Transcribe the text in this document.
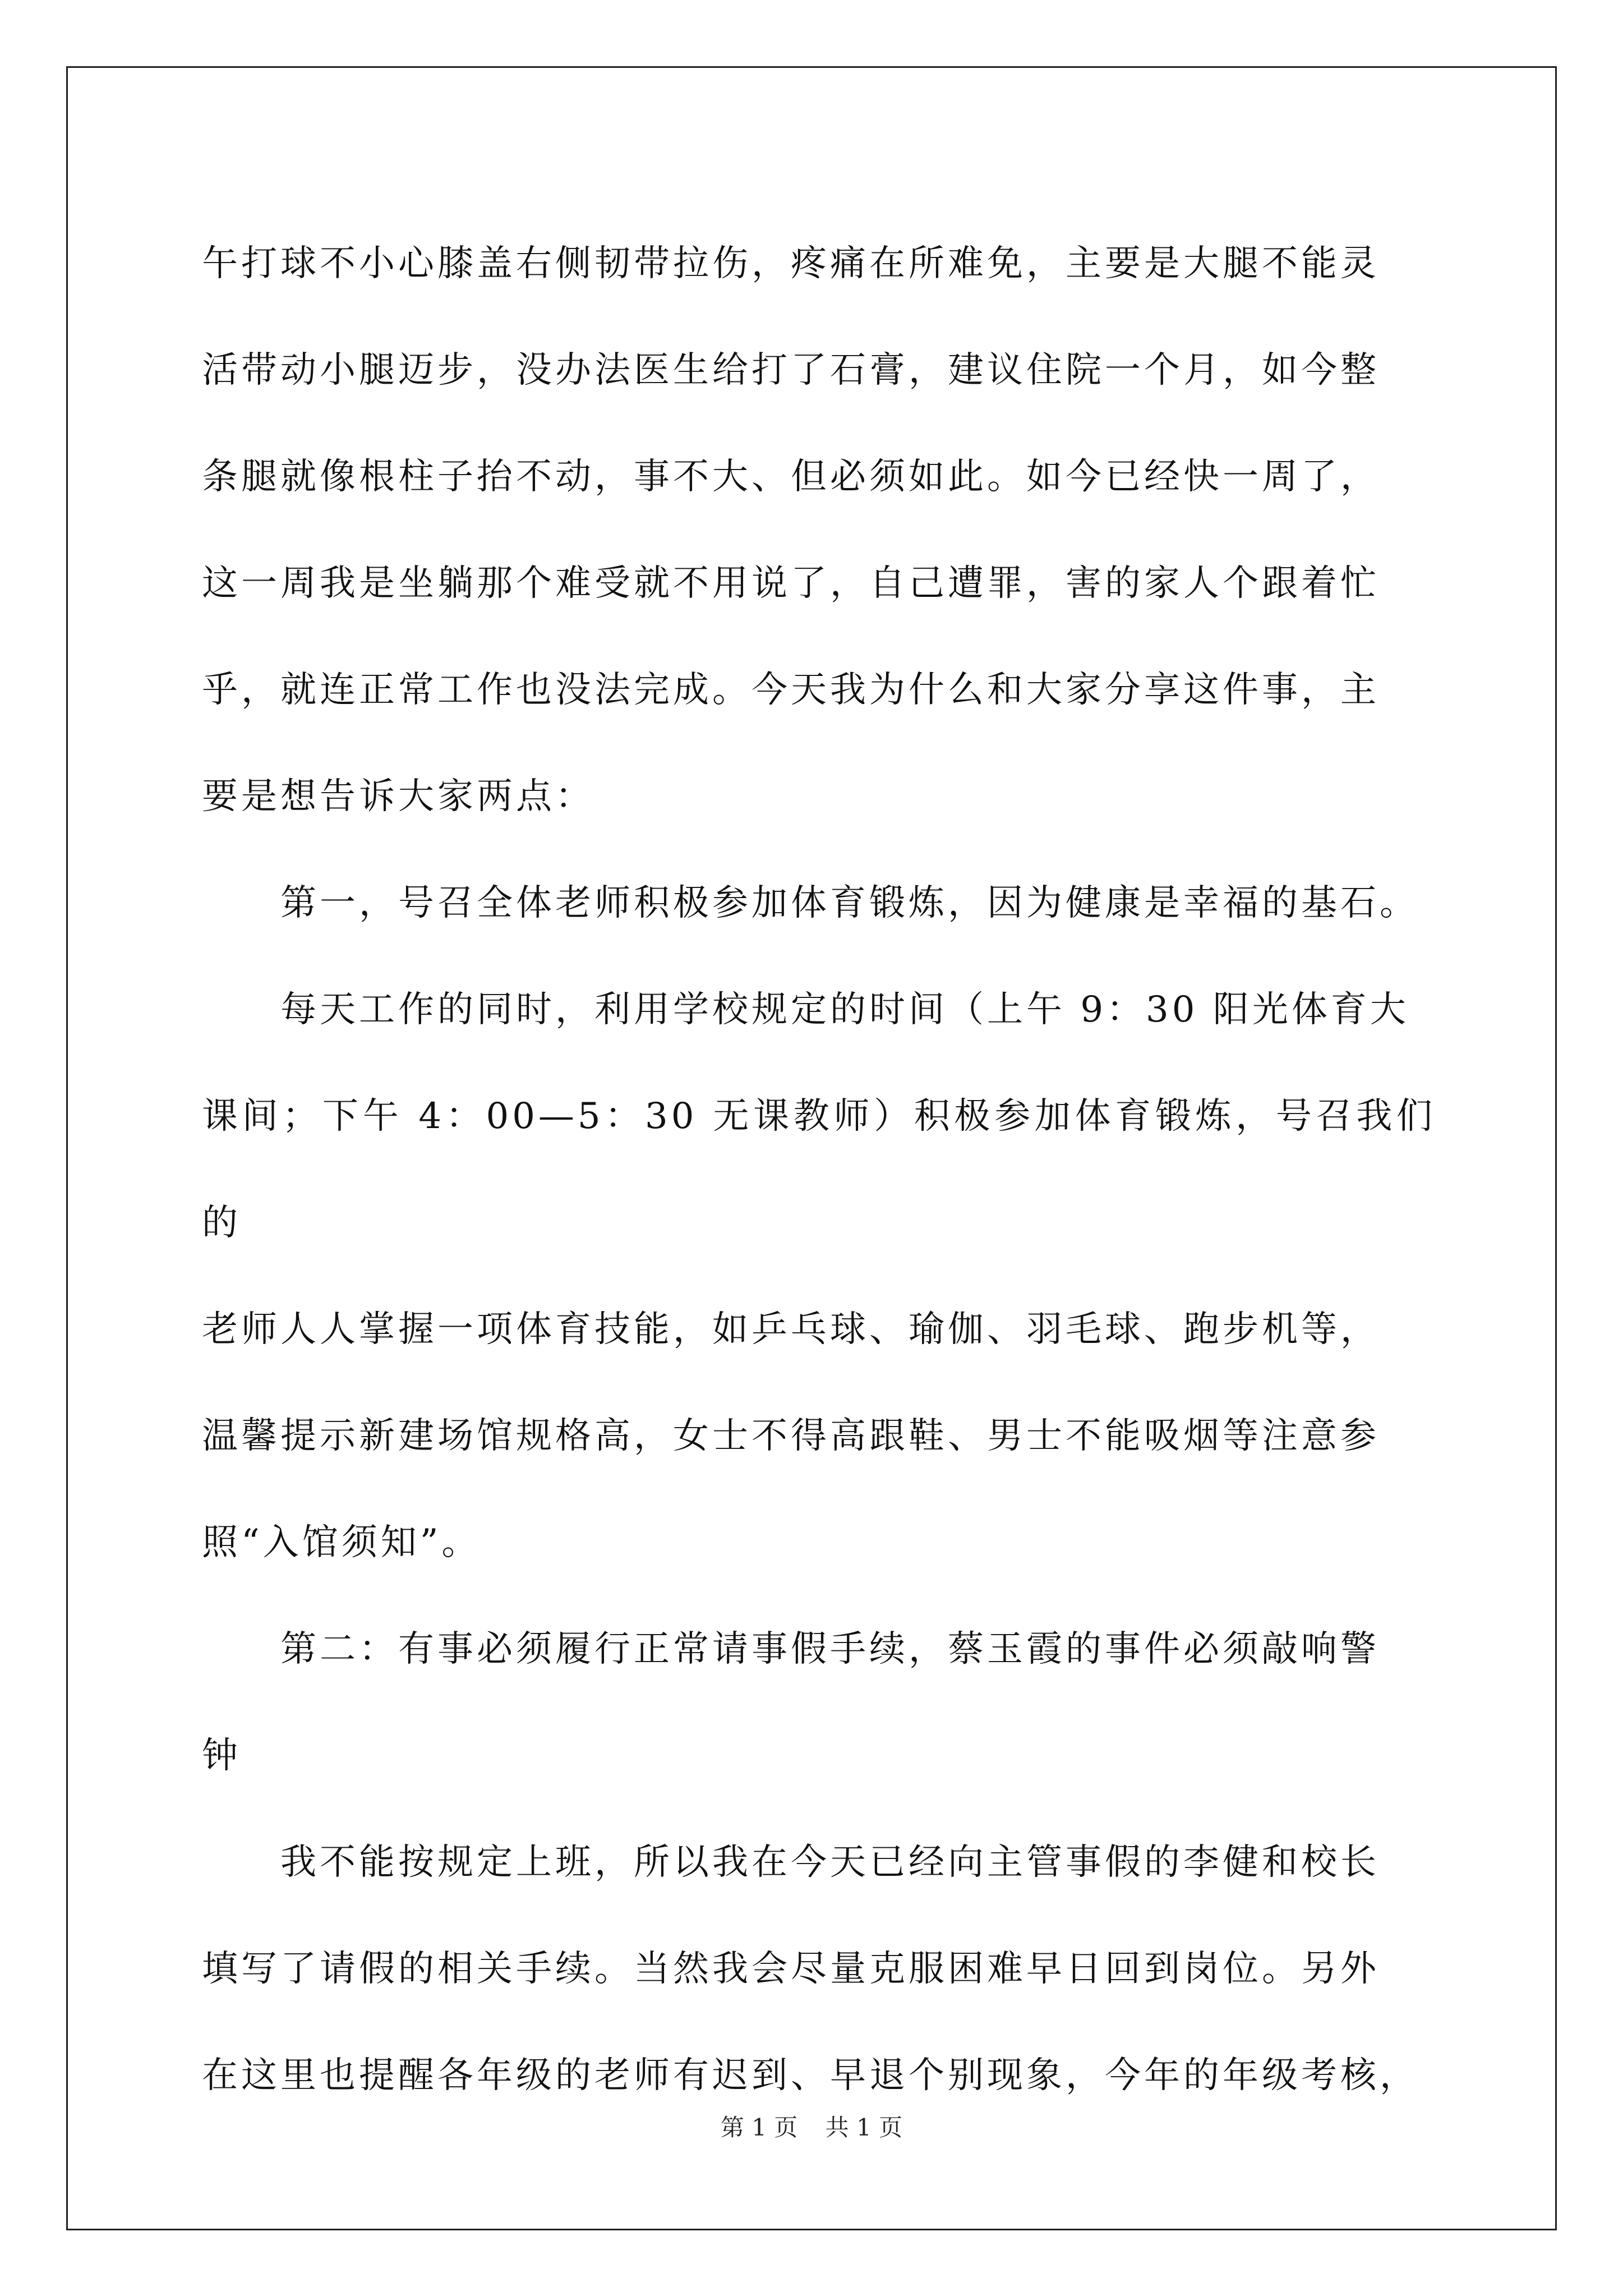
午打球不小心膝盖右侧韧带拉伤，疼痛在所难免，主要是大腿不能灵
活带动小腿迈步，没办法医生给打了石膏，建议住院一个月，如今整
条腿就像根柱子抬不动，事不大、但必须如此。如今已经快一周了，
这一周我是坐躺那个难受就不用说了，自己遭罪，害的家人个跟着忙
乎，就连正常工作也没法完成。今天我为什么和大家分享这件事，主
要是想告诉大家两点：
第一，号召全体老师积极参加体育锻炼，因为健康是幸福的基石。
每天工作的同时，利用学校规定的时间（上午 9：30 阳光体育大
课间；下午 4：00—5：30 无课教师）积极参加体育锻炼，号召我们的
老师人人掌握一项体育技能，如乒乓球、瑜伽、羽毛球、跑步机等，
温馨提示新建场馆规格高，女士不得高跟鞋、男士不能吸烟等注意参
照“入馆须知”。
第二：有事必须履行正常请事假手续，蔡玉霞的事件必须敲响警
钟
我不能按规定上班，所以我在今天已经向主管事假的李健和校长
填写了请假的相关手续。当然我会尽量克服困难早日回到岗位。另外
在这里也提醒各年级的老师有迟到、早退个别现象，今年的年级考核，
第 1 页 共 1 页
